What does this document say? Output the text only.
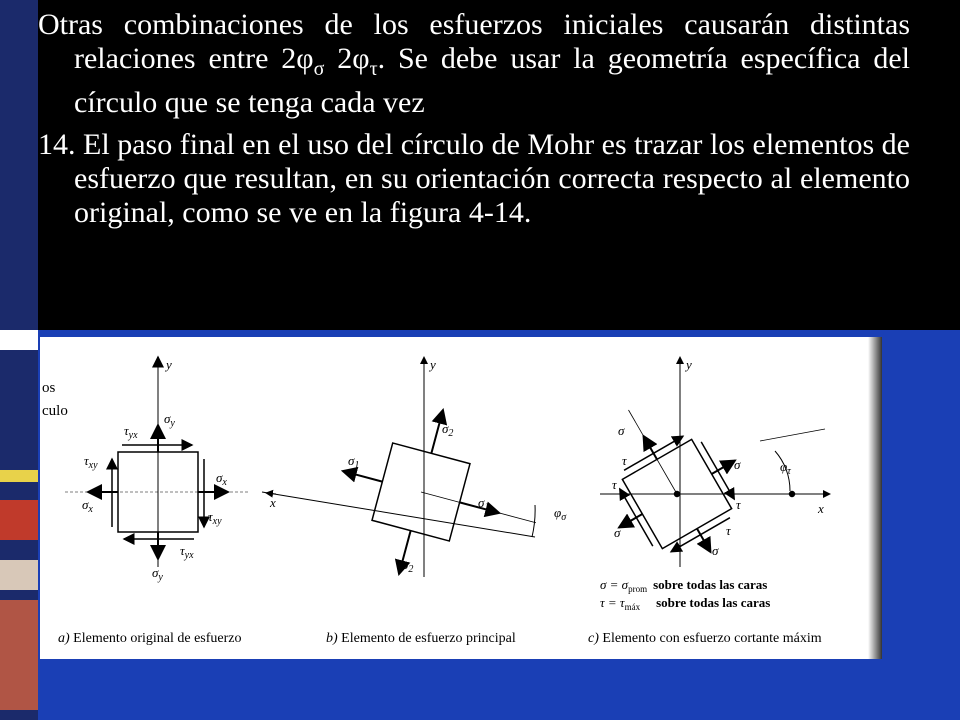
Otras combinaciones de los esfuerzos iniciales causarán distintas relaciones entre $2\varphi_\sigma$ $2\varphi_\tau$. Se debe usar la geometría específica del círculo que se tenga cada vez

14. El paso final en el uso del círculo de Mohr es trazar los elementos de esfuerzo que resultan, en su orientación correcta respecto al elemento original, como se ve en la figura 4-14.

os
culo
y
$\sigma_y$
$\tau_{yx}$
$\tau_{xy}$
$\sigma_x$
$\sigma_x$	$\tau_{xy}$
$\tau_{yx}$
$\sigma_y$
y
x
$\sigma_2$
$\sigma_1$
$\sigma_1$
$\sigma_2$
$\varphi_\sigma$
y
x
σ
τ	σ
τ
τ
σ	τ
σ
$\varphi_\tau$
$\sigma = \sigma_{prom}$ sobre todas las caras
$\tau = \tau_{máx}$ sobre todas las caras
a) Elemento original de esfuerzo	b) Elemento de esfuerzo principal	c) Elemento con esfuerzo cortante máxim
